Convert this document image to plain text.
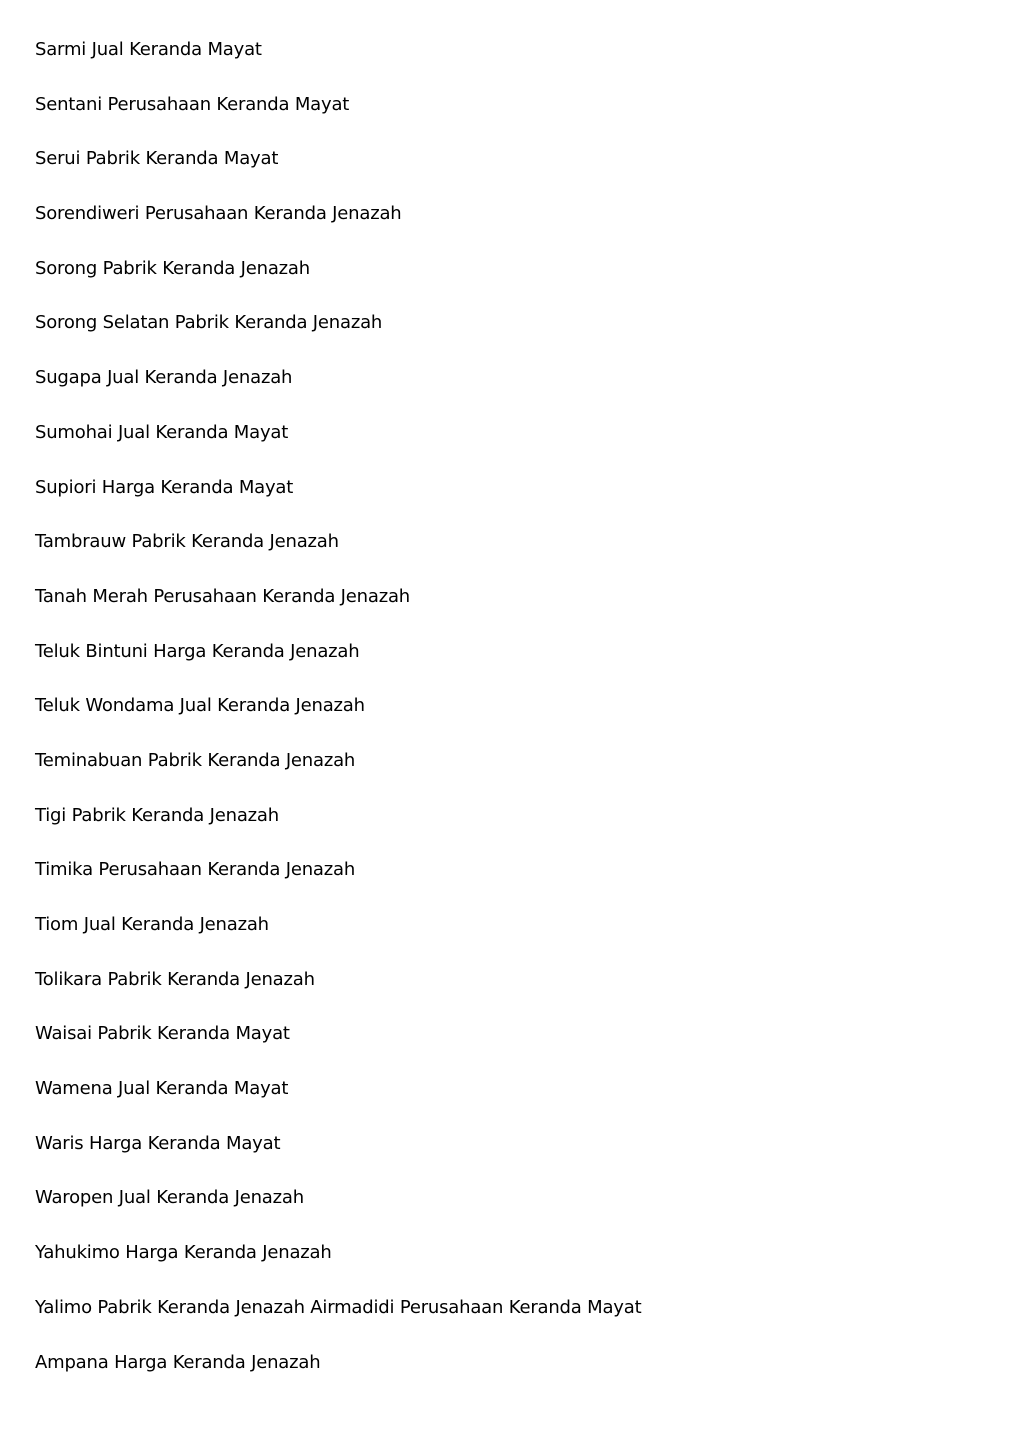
Sarmi Jual Keranda Mayat
Sentani Perusahaan Keranda Mayat
Serui Pabrik Keranda Mayat
Sorendiweri Perusahaan Keranda Jenazah
Sorong Pabrik Keranda Jenazah
Sorong Selatan Pabrik Keranda Jenazah
Sugapa Jual Keranda Jenazah
Sumohai Jual Keranda Mayat
Supiori Harga Keranda Mayat
Tambrauw Pabrik Keranda Jenazah
Tanah Merah Perusahaan Keranda Jenazah
Teluk Bintuni Harga Keranda Jenazah
Teluk Wondama Jual Keranda Jenazah
Teminabuan Pabrik Keranda Jenazah
Tigi Pabrik Keranda Jenazah
Timika Perusahaan Keranda Jenazah
Tiom Jual Keranda Jenazah
Tolikara Pabrik Keranda Jenazah
Waisai Pabrik Keranda Mayat
Wamena Jual Keranda Mayat
Waris Harga Keranda Mayat
Waropen Jual Keranda Jenazah
Yahukimo Harga Keranda Jenazah
Yalimo Pabrik Keranda Jenazah Airmadidi Perusahaan Keranda Mayat
Ampana Harga Keranda Jenazah
